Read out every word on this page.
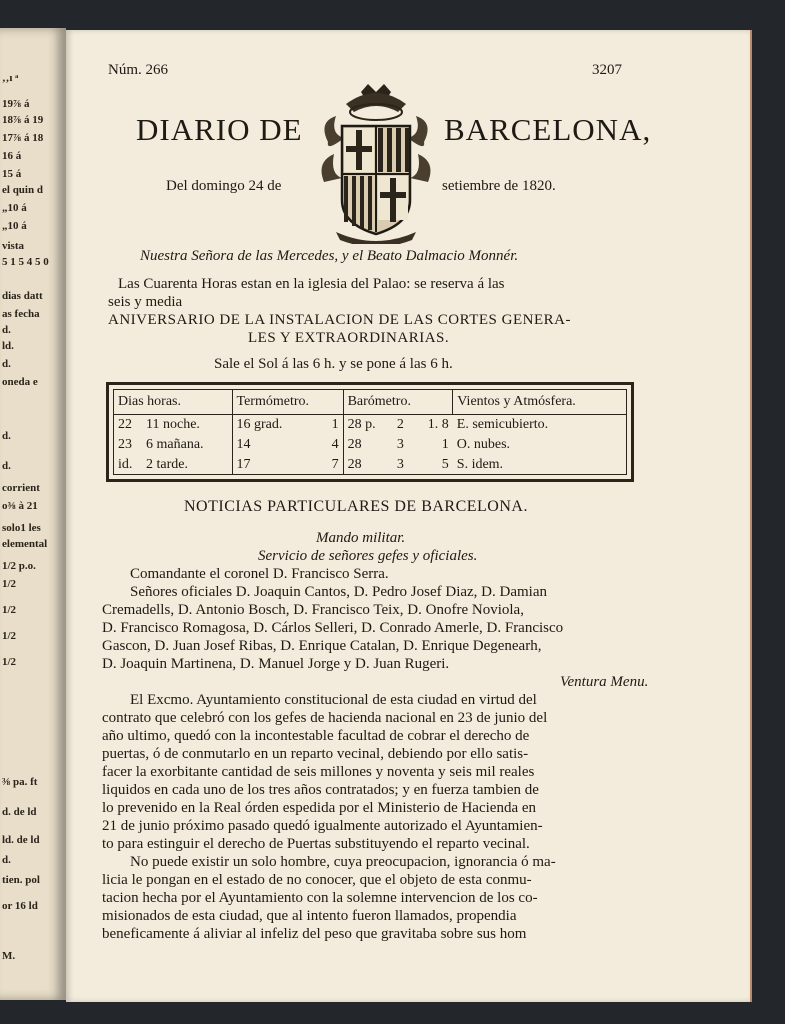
‚‚ı ᵃ
19⅞ á
18⅞ á 19
17⅞ á 18
16 á
15 á
el quin d
„10 á
„10 á
vista
5 1 5 4 5 0
dias datt
as fecha
d.
ld.
d.
oneda e
d.
d.
corrient
o⅜ à 21
solo1 les
elemental
1/2 p.o.
1/2
1/2
1/2
1/2
⅜ pa. ft
d. de ld
ld. de ld
d.
tien. pol
or 16 ld
M.
Núm. 266	3207
DIARIO DE	BARCELONA,
Del domingo 24 de	setiembre de 1820.
Nuestra Señora de las Mercedes, y el Beato Dalmacio Monnér.
Las Cuarenta Horas estan en la iglesia del Palao: se reserva á las
seis y media
ANIVERSARIO DE LA INSTALACION DE LAS CORTES GENERA-
LES Y EXTRAORDINARIAS.
Sale el Sol á las 6 h. y se pone á las 6 h.
Dias horas.		Termómetro.		Barómetro.			Vientos y Atmósfera.
22	11 noche.	16 grad.	1	28 p.	2	1. 8	E. semicubierto.
23	6 mañana.	14	4	28	3	1	O. nubes.
id.	2 tarde.	17	7	28	3	5	S. idem.
NOTICIAS PARTICULARES DE BARCELONA.
Mando militar.
Servicio de señores gefes y oficiales.
Comandante el coronel D. Francisco Serra.
Señores oficiales D. Joaquin Cantos, D. Pedro Josef Diaz, D. Damian
Cremadells, D. Antonio Bosch, D. Francisco Teix, D. Onofre Noviola,
D. Francisco Romagosa, D. Cárlos Selleri, D. Conrado Amerle, D. Francisco
Gascon, D. Juan Josef Ribas, D. Enrique Catalan, D. Enrique Degenearh,
D. Joaquin Martinena, D. Manuel Jorge y D. Juan Rugeri.
Ventura Menu.
El Excmo. Ayuntamiento constitucional de esta ciudad en virtud del
contrato que celebró con los gefes de hacienda nacional en 23 de junio del
año ultimo, quedó con la incontestable facultad de cobrar el derecho de
puertas, ó de conmutarlo en un reparto vecinal, debiendo por ello satis-
facer la exorbitante cantidad de seis millones y noventa y seis mil reales
liquidos en cada uno de los tres años contratados; y en fuerza tambien de
lo prevenido en la Real órden espedida por el Ministerio de Hacienda en
21 de junio próximo pasado quedó igualmente autorizado el Ayuntamien-
to para estinguir el derecho de Puertas substituyendo el reparto vecinal.
No puede existir un solo hombre, cuya preocupacion, ignorancia ó ma-
licia le pongan en el estado de no conocer, que el objeto de esta conmu-
tacion hecha por el Ayuntamiento con la solemne intervencion de los co-
misionados de esta ciudad, que al intento fueron llamados, propendia
beneficamente á aliviar al infeliz del peso que gravitaba sobre sus hom
